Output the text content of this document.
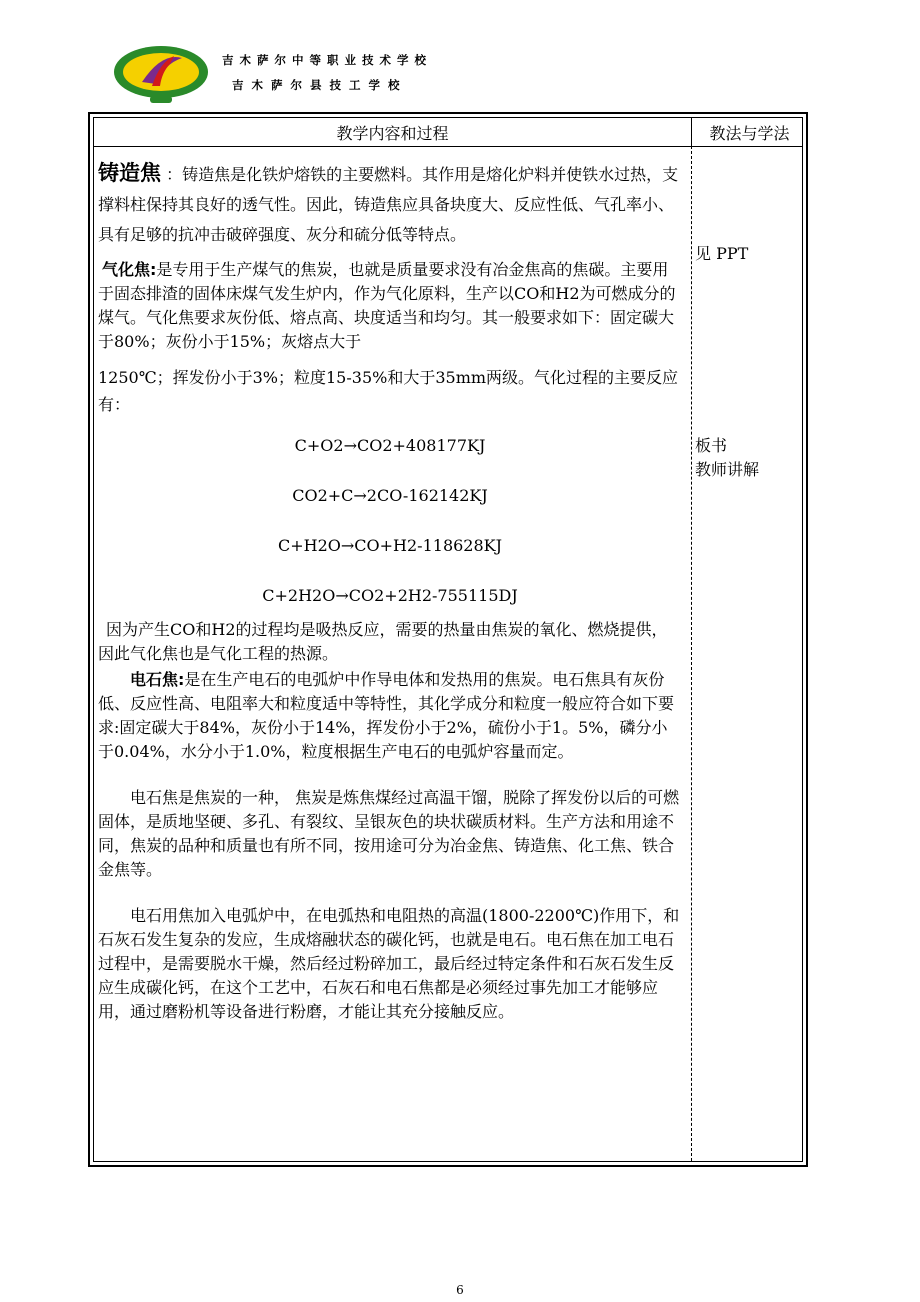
吉木萨尔中等职业技术学校
吉木萨尔县技工学校
教学内容和过程	教法与学法

铸造焦 ：铸造焦是化铁炉熔铁的主要燃料。其作用是熔化炉料并使铁水过热，支撑料柱保持其良好的透气性。因此，铸造焦应具备块度大、反应性低、气孔率小、具有足够的抗冲击破碎强度、灰分和硫分低等特点。

气化焦:是专用于生产煤气的焦炭，也就是质量要求没有冶金焦高的焦碳。主要用于固态排渣的固体床煤气发生炉内，作为气化原料，生产以CO和H2为可燃成分的煤气。气化焦要求灰份低、熔点高、块度适当和均匀。其一般要求如下：固定碳大于80%；灰份小于15%；灰熔点大于

1250℃；挥发份小于3%；粒度15-35%和大于35mm两级。气化过程的主要反应有：

C+O2→CO2+408177KJ

CO2+C→2CO-162142KJ

C+H2O→CO+H2-118628KJ

C+2H2O→CO2+2H2-755115DJ

因为产生CO和H2的过程均是吸热反应，需要的热量由焦炭的氧化、燃烧提供，因此气化焦也是气化工程的热源。

电石焦:是在生产电石的电弧炉中作导电体和发热用的焦炭。电石焦具有灰份低、反应性高、电阻率大和粒度适中等特性，其化学成分和粒度一般应符合如下要求:固定碳大于84%，灰份小于14%，挥发份小于2%，硫份小于1。5%，磷分小于0.04%，水分小于1.0%，粒度根据生产电石的电弧炉容量而定。

电石焦是焦炭的一种， 焦炭是炼焦煤经过高温干馏，脱除了挥发份以后的可燃固体，是质地坚硬、多孔、有裂纹、呈银灰色的块状碳质材料。生产方法和用途不同，焦炭的品种和质量也有所不同，按用途可分为冶金焦、铸造焦、化工焦、铁合金焦等。

电石用焦加入电弧炉中，在电弧热和电阻热的高温(1800-2200℃)作用下，和石灰石发生复杂的发应，生成熔融状态的碳化钙，也就是电石。电石焦在加工电石过程中，是需要脱水干燥，然后经过粉碎加工，最后经过特定条件和石灰石发生反应生成碳化钙，在这个工艺中，石灰石和电石焦都是必须经过事先加工才能够应用，通过磨粉机等设备进行粉磨，才能让其充分接触反应。

见 PPT
板书
教师讲解
6
